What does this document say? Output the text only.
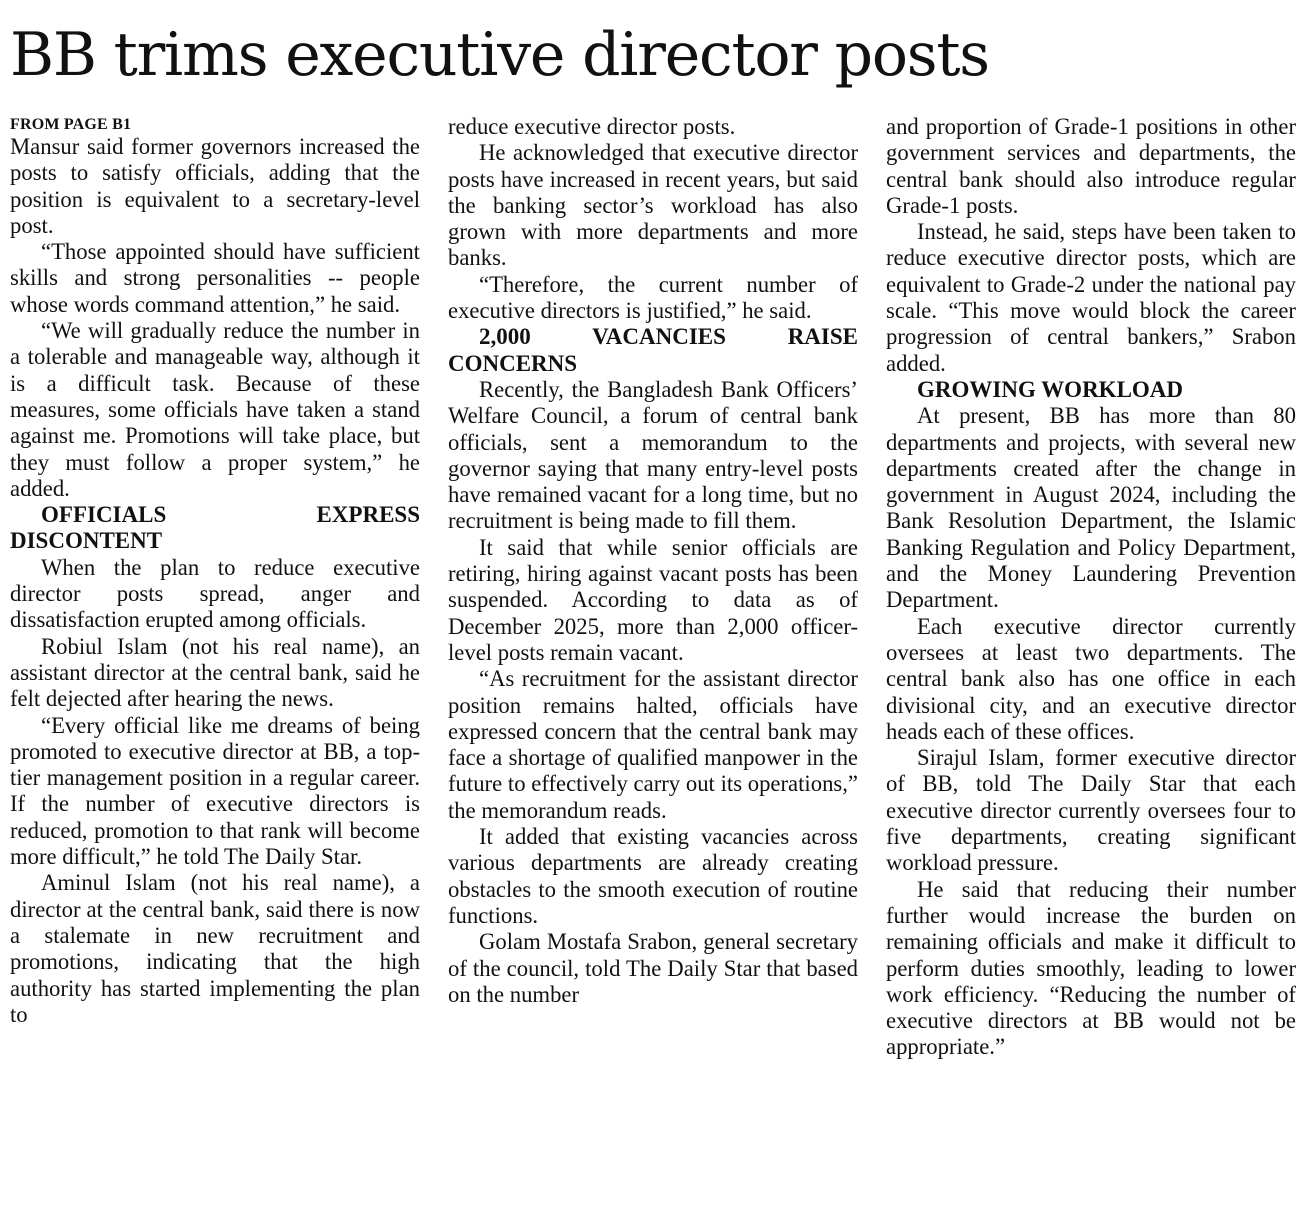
BB trims executive director posts
FROM PAGE B1

Mansur said former governors increased the posts to satisfy officials, adding that the position is equivalent to a secretary-level post.

“Those appointed should have sufficient skills and strong personalities -- people whose words command attention,” he said.

“We will gradually reduce the number in a tolerable and manageable way, although it is a difficult task. Because of these measures, some officials have taken a stand against me. Promotions will take place, but they must follow a proper system,” he added.

OFFICIALS EXPRESS
DISCONTENT

When the plan to reduce executive director posts spread, anger and dissatisfaction erupted among officials.

Robiul Islam (not his real name), an assistant director at the central bank, said he felt dejected after hearing the news.

“Every official like me dreams of being promoted to executive director at BB, a top-tier management position in a regular career. If the number of executive directors is reduced, promotion to that rank will become more difficult,” he told The Daily Star.

Aminul Islam (not his real name), a director at the central bank, said there is now a stalemate in new recruitment and promotions, indicating that the high authority has started implementing the plan to

reduce executive director posts.

He acknowledged that executive director posts have increased in recent years, but said the banking sector’s workload has also grown with more departments and more banks.

“Therefore, the current number of executive directors is justified,” he said.

2,000 VACANCIES RAISE
CONCERNS

Recently, the Bangladesh Bank Officers’ Welfare Council, a forum of central bank officials, sent a memorandum to the governor saying that many entry-level posts have remained vacant for a long time, but no recruitment is being made to fill them.

It said that while senior officials are retiring, hiring against vacant posts has been suspended. According to data as of December 2025, more than 2,000 officer-level posts remain vacant.

“As recruitment for the assistant director position remains halted, officials have expressed concern that the central bank may face a shortage of qualified manpower in the future to effectively carry out its operations,” the memorandum reads.

It added that existing vacancies across various departments are already creating obstacles to the smooth execution of routine functions.

Golam Mostafa Srabon, general secretary of the council, told The Daily Star that based on the number

and proportion of Grade-1 positions in other government services and departments, the central bank should also introduce regular Grade-1 posts.

Instead, he said, steps have been taken to reduce executive director posts, which are equivalent to Grade-2 under the national pay scale. “This move would block the career progression of central bankers,” Srabon added.

GROWING WORKLOAD

At present, BB has more than 80 departments and projects, with several new departments created after the change in government in August 2024, including the Bank Resolution Department, the Islamic Banking Regulation and Policy Department, and the Money Laundering Prevention Department.

Each executive director currently oversees at least two departments. The central bank also has one office in each divisional city, and an executive director heads each of these offices.

Sirajul Islam, former executive director of BB, told The Daily Star that each executive director currently oversees four to five departments, creating significant workload pressure.

He said that reducing their number further would increase the burden on remaining officials and make it difficult to perform duties smoothly, leading to lower work efficiency. “Reducing the number of executive directors at BB would not be appropriate.”
